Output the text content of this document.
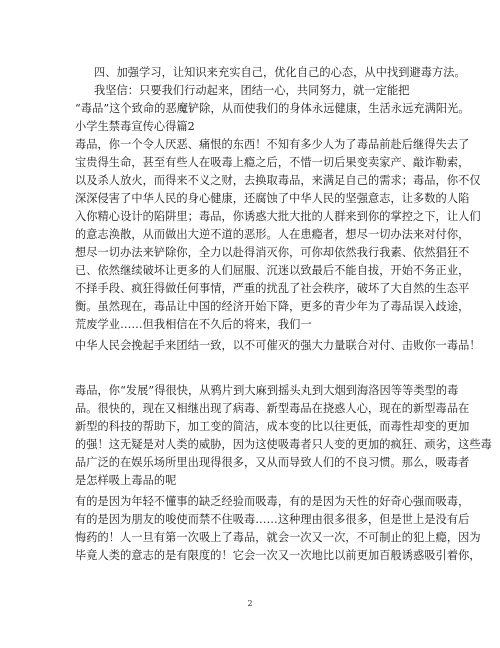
四、加强学习，让知识来充实自己，优化自己的心态，从中找到避毒方法。
我坚信：只要我们行动起来，团结一心，共同努力，就一定能把
“毒品”这个致命的恶魔铲除，从而使我们的身体永远健康，生活永远充满阳光。
小学生禁毒宣传心得篇2
毒品，你一个令人厌恶、痛恨的东西！不知有多少人为了毒品前赴后继得失去了
宝贵得生命，甚至有些人在吸毒上瘾之后，不惜一切后果变卖家产、敲诈勒索，
以及杀人放火，而得来不义之财，去换取毒品，来满足自己的需求；毒品，你不仅
深深侵害了中华人民的身心健康，还腐蚀了中华人民的坚强意志，让多数的人陷
入你精心设计的陷阱里；毒品，你诱惑大批大批的人群来到你的掌控之下，让人们
的意志涣散，从而做出大逆不道的恶形。人在患瘾者，想尽一切办法来对付你，
想尽一切办法来铲除你，全力以赴得消灭你，可你却依然我行我素、依然猖狂不
已、依然继续破坏让更多的人们屈服、沉迷以致最后不能自拔，开始不务正业，
不择手段、疯狂得做任何事情，严重的扰乱了社会秩序，破坏了大自然的生态平
衡。虽然现在，毒品让中国的经济开始下降，更多的青少年为了毒品误入歧途，
荒废学业……但我相信在不久后的将来，我们一
中华人民会挽起手来团结一致，以不可催灭的强大力量联合对付、击败你一毒品！
毒品，你“发展”得很快，从鸦片到大麻到摇头丸到大烟到海洛因等等类型的毒
品。很快的，现在又相继出现了病毒、新型毒品在挠惑人心，现在的新型毒品在
新型的科技的帮助下，加工变的简洁，成本变的比以往更低，而毒性却变的更加
的强！这无疑是对人类的威胁，因为这使吸毒者只人变的更加的疯狂、顽劣，这些毒
品广泛的在娱乐场所里出现得很多，又从而导致人们的不良习惯。那么，吸毒者
是怎样吸上毒品的呢
有的是因为年轻不懂事的缺乏经验而吸毒，有的是因为天性的好奇心强而吸毒，
有的是因为朋友的唆使而禁不住吸毒……这种理由很多很多，但是世上是没有后
悔药的！人一旦有第一次吸上了毒品，就会一次又一次，不可制止的犯上瘾，因为
毕竟人类的意志的是有限度的！它会一次又一次地比以前更加百般诱惑吸引着你，
2
